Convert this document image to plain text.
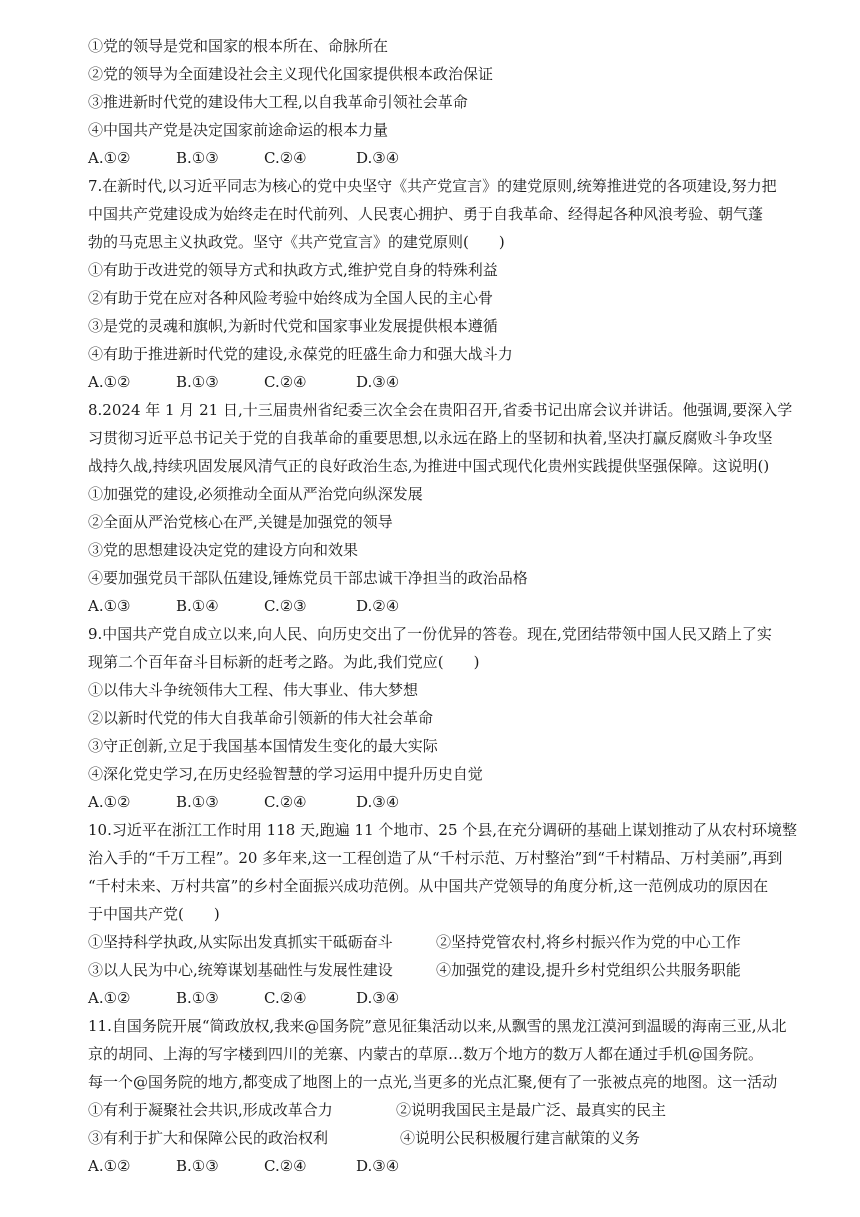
①党的领导是党和国家的根本所在、命脉所在
②党的领导为全面建设社会主义现代化国家提供根本政治保证
③推进新时代党的建设伟大工程,以自我革命引领社会革命
④中国共产党是决定国家前途命运的根本力量
A.①②	B.①③	C.②④	D.③④
7.在新时代,以习近平同志为核心的党中央坚守《共产党宣言》的建党原则,统筹推进党的各项建设,努力把
中国共产党建设成为始终走在时代前列、人民衷心拥护、勇于自我革命、经得起各种风浪考验、朝气蓬
勃的马克思主义执政党。坚守《共产党宣言》的建党原则(　　)
①有助于改进党的领导方式和执政方式,维护党自身的特殊利益
②有助于党在应对各种风险考验中始终成为全国人民的主心骨
③是党的灵魂和旗帜,为新时代党和国家事业发展提供根本遵循
④有助于推进新时代党的建设,永葆党的旺盛生命力和强大战斗力
A.①②	B.①③	C.②④	D.③④
8.2024 年 1 月 21 日,十三届贵州省纪委三次全会在贵阳召开,省委书记出席会议并讲话。他强调,要深入学
习贯彻习近平总书记关于党的自我革命的重要思想,以永远在路上的坚韧和执着,坚决打赢反腐败斗争攻坚
战持久战,持续巩固发展风清气正的良好政治生态,为推进中国式现代化贵州实践提供坚强保障。这说明()
①加强党的建设,必须推动全面从严治党向纵深发展
②全面从严治党核心在严,关键是加强党的领导
③党的思想建设决定党的建设方向和效果
④要加强党员干部队伍建设,锤炼党员干部忠诚干净担当的政治品格
A.①③	B.①④	C.②③	D.②④
9.中国共产党自成立以来,向人民、向历史交出了一份优异的答卷。现在,党团结带领中国人民又踏上了实
现第二个百年奋斗目标新的赶考之路。为此,我们党应(　　)
①以伟大斗争统领伟大工程、伟大事业、伟大梦想
②以新时代党的伟大自我革命引领新的伟大社会革命
③守正创新,立足于我国基本国情发生变化的最大实际
④深化党史学习,在历史经验智慧的学习运用中提升历史自觉
A.①②	B.①③	C.②④	D.③④
10.习近平在浙江工作时用 118 天,跑遍 11 个地市、25 个县,在充分调研的基础上谋划推动了从农村环境整
治入手的“千万工程”。20 多年来,这一工程创造了从“千村示范、万村整治”到“千村精品、万村美丽”,再到
“千村未来、万村共富”的乡村全面振兴成功范例。从中国共产党领导的角度分析,这一范例成功的原因在
于中国共产党(　　)
①坚持科学执政,从实际出发真抓实干砥砺奋斗	②坚持党管农村,将乡村振兴作为党的中心工作
③以人民为中心,统筹谋划基础性与发展性建设	④加强党的建设,提升乡村党组织公共服务职能
A.①②	B.①③	C.②④	D.③④
11.自国务院开展“简政放权,我来@国务院”意见征集活动以来,从飘雪的黑龙江漠河到温暖的海南三亚,从北
京的胡同、上海的写字楼到四川的羌寨、内蒙古的草原…数万个地方的数万人都在通过手机@国务院。
每一个@国务院的地方,都变成了地图上的一点光,当更多的光点汇聚,便有了一张被点亮的地图。这一活动
①有利于凝聚社会共识,形成改革合力	②说明我国民主是最广泛、最真实的民主
③有利于扩大和保障公民的政治权利	④说明公民积极履行建言献策的义务
A.①②	B.①③	C.②④	D.③④
